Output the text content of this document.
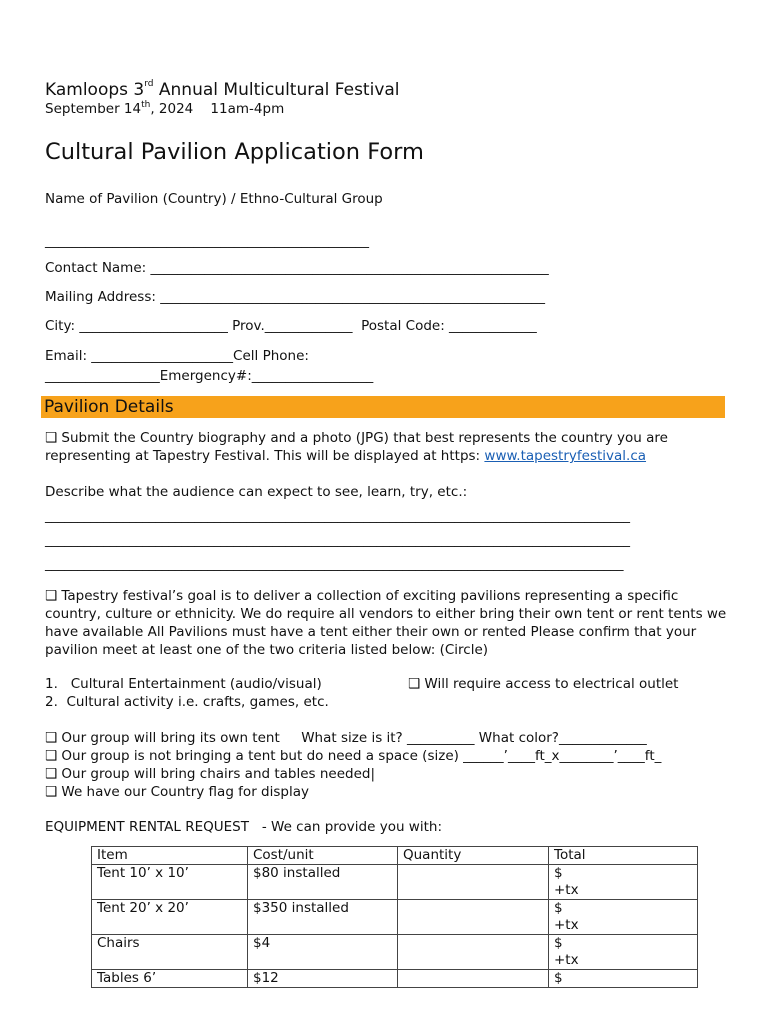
Kamloops 3rd Annual Multicultural Festival
September 14th, 2024    11am-4pm
Cultural Pavilion Application Form
Name of Pavilion (Country) / Ethno-Cultural Group
________________________________________________
Contact Name: ___________________________________________________________
Mailing Address: _________________________________________________________
City: ______________________ Prov._____________  Postal Code: _____________
Email: _____________________Cell Phone:
_________________Emergency#:__________________
Pavilion Details
❑ Submit the Country biography and a photo (JPG) that best represents the country you are
representing at Tapestry Festival. This will be displayed at https: www.tapestryfestival.ca
Describe what the audience can expect to see, learn, try, etc.:
__________________________________________________________________________________________
__________________________________________________________________________________________
_________________________________________________________________________________________
❑ Tapestry festival’s goal is to deliver a collection of exciting pavilions representing a specific country, culture or ethnicity. We do require all vendors to either bring their own tent or rent tents we have available All Pavilions must have a tent either their own or rented Please confirm that your pavilion meet at least one of the two criteria listed below: (Circle)
1.   Cultural Entertainment (audio/visual)
2.  Cultural activity i.e. crafts, games, etc.
❑ Will require access to electrical outlet
❑ Our group will bring its own tent     What size is it? __________ What color?_____________
❑ Our group is not bringing a tent but do need a space (size) ______’____ft_x________’____ft_
❑ Our group will bring chairs and tables needed|
❑ We have our Country flag for display
EQUIPMENT RENTAL REQUEST   - We can provide you with:
Item	Cost/unit	Quantity	Total
Tent 10’ x 10’	$80 installed		$
+tx

Tent 20’ x 20’	$350 installed		$
+tx

Chairs	$4		$
+tx

Tables 6’	$12		$
